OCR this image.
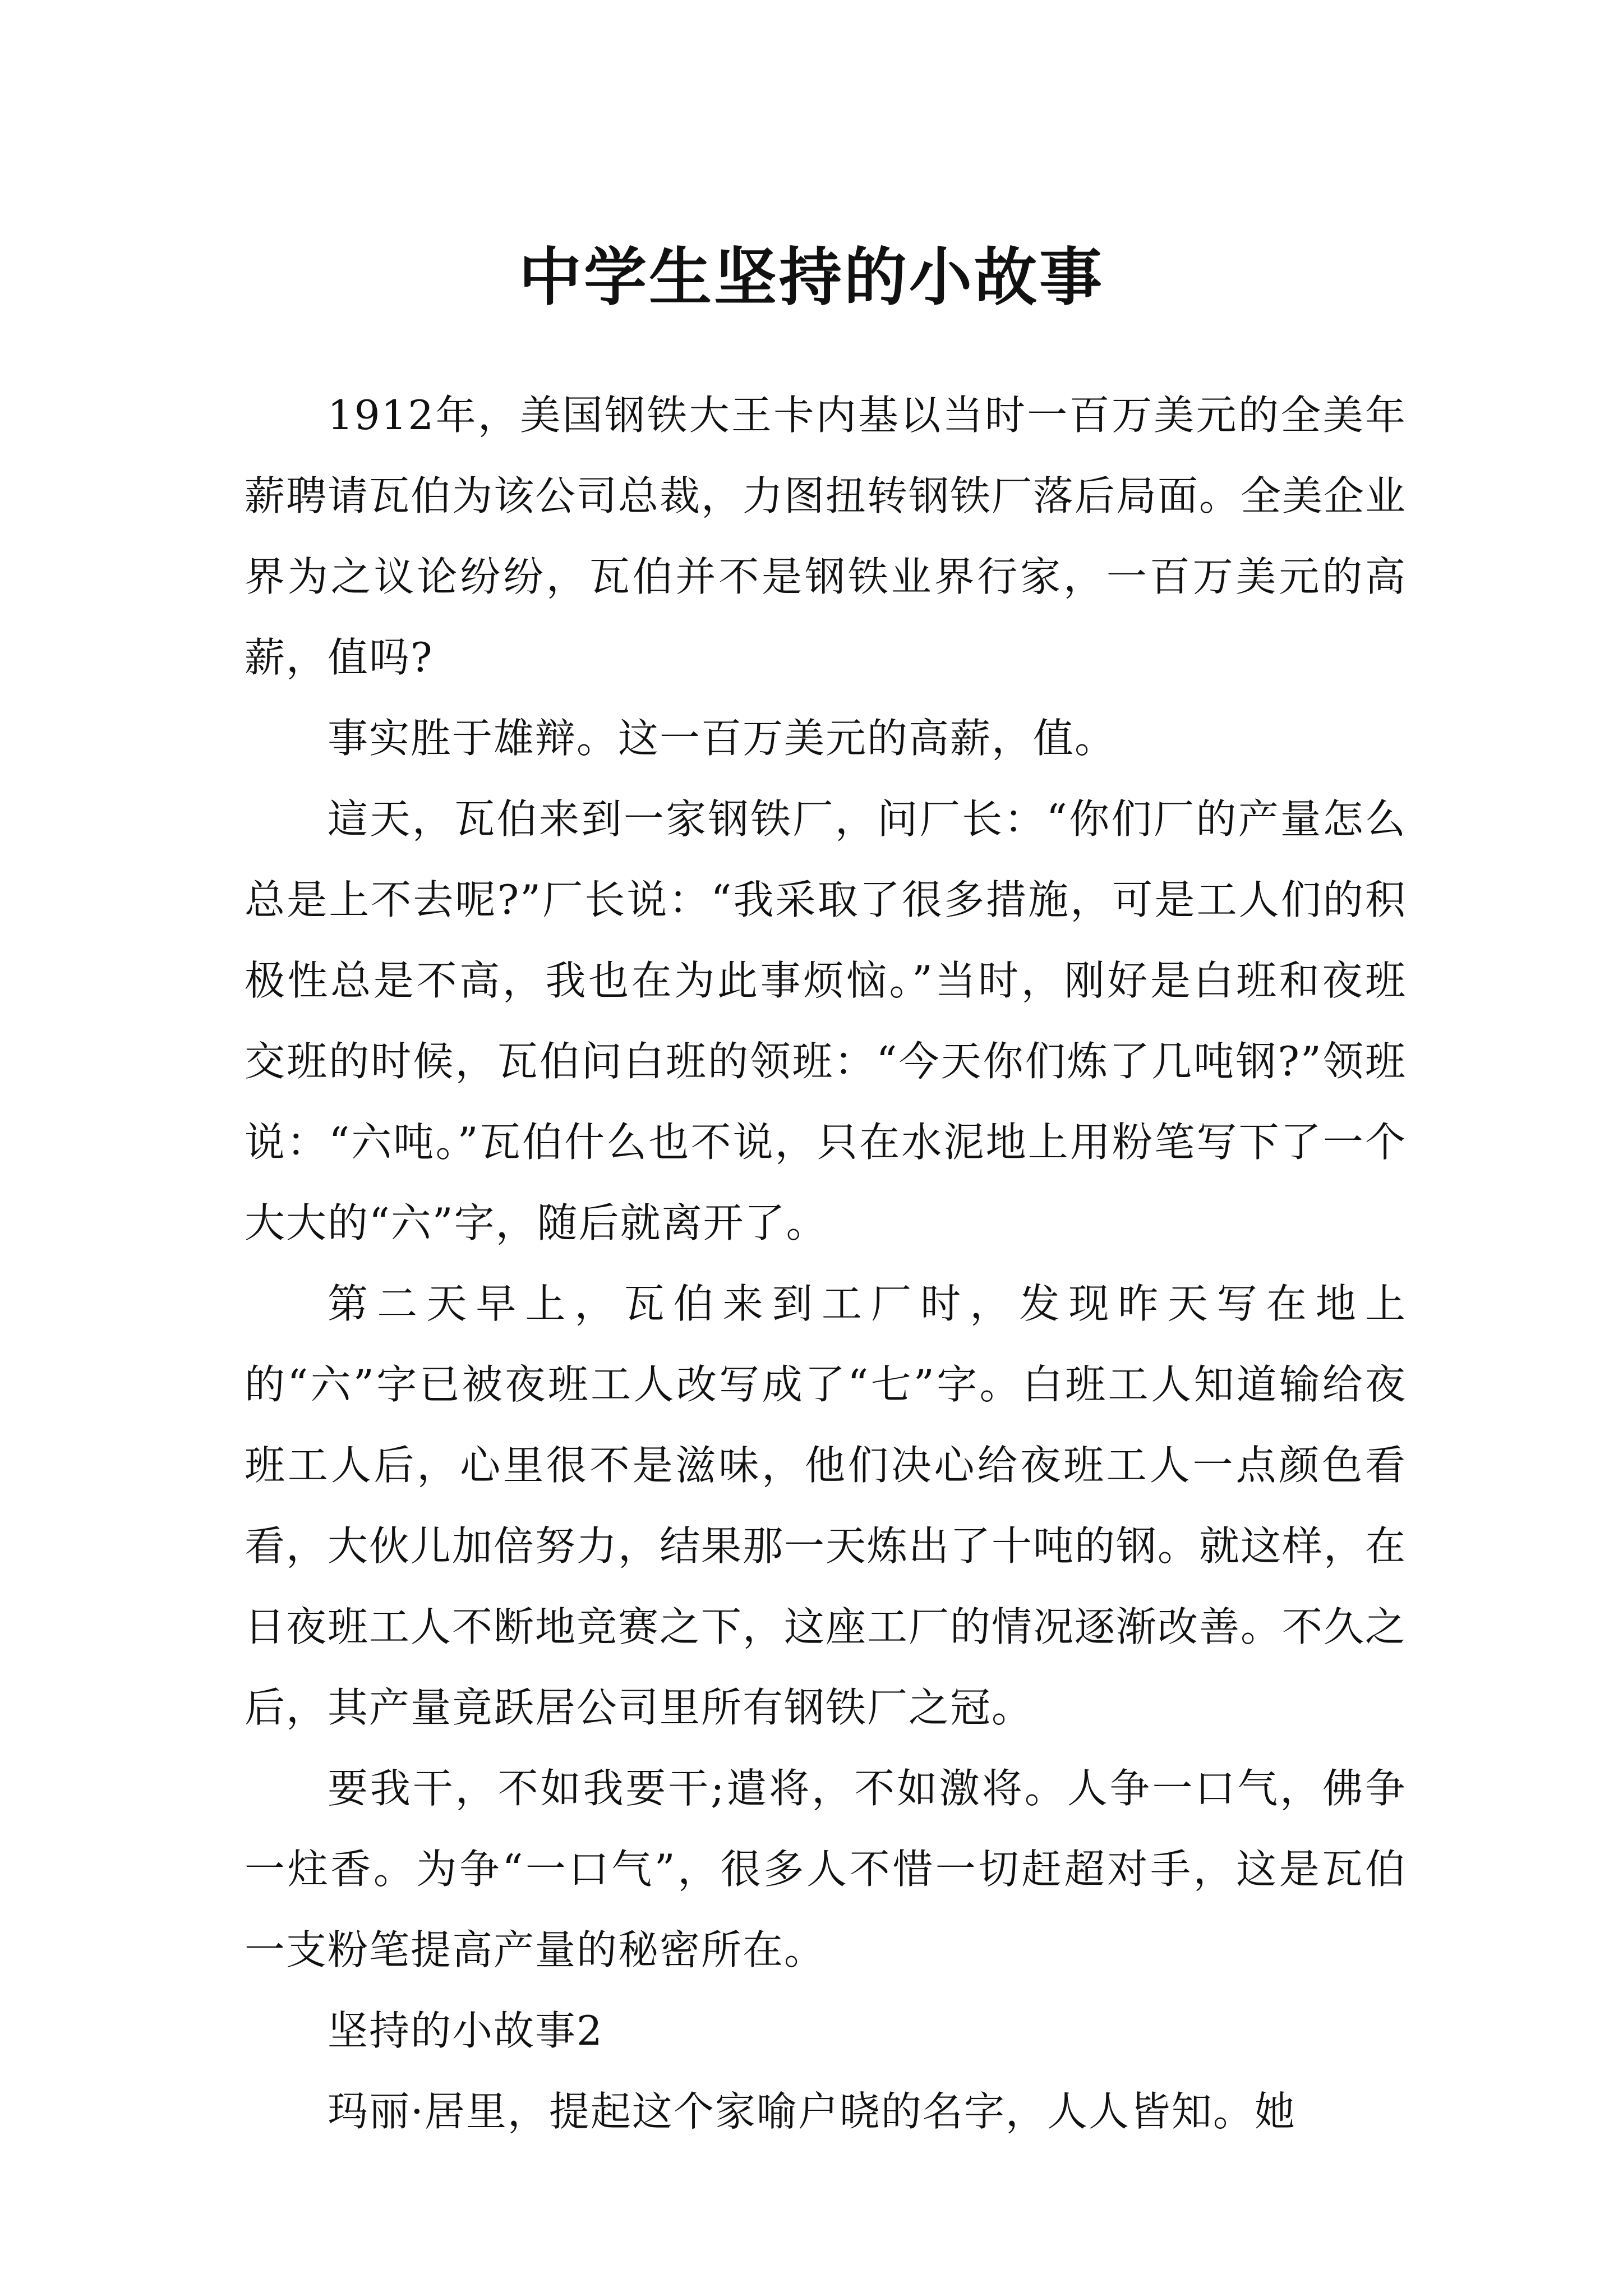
中学生坚持的小故事

1912年，美国钢铁大王卡内基以当时一百万美元的全美年薪聘请瓦伯为该公司总裁，力图扭转钢铁厂落后局面。全美企业界为之议论纷纷，瓦伯并不是钢铁业界行家，一百万美元的高薪，值吗?

事实胜于雄辩。这一百万美元的高薪，值。

這天，瓦伯来到一家钢铁厂，问厂长：“你们厂的产量怎么总是上不去呢?”厂长说：“我采取了很多措施，可是工人们的积极性总是不高，我也在为此事烦恼。”当时，刚好是白班和夜班交班的时候，瓦伯问白班的领班：“今天你们炼了几吨钢?”领班说：“六吨。”瓦伯什么也不说，只在水泥地上用粉笔写下了一个大大的“六”字，随后就离开了。

第二天早上，瓦伯来到工厂时，发现昨天写在地上的“六”字已被夜班工人改写成了“七”字。白班工人知道输给夜班工人后，心里很不是滋味，他们决心给夜班工人一点颜色看看，大伙儿加倍努力，结果那一天炼出了十吨的钢。就这样，在日夜班工人不断地竞赛之下，这座工厂的情况逐渐改善。不久之后，其产量竟跃居公司里所有钢铁厂之冠。

要我干，不如我要干;遣将，不如激将。人争一口气，佛争一炷香。为争“一口气”，很多人不惜一切赶超对手，这是瓦伯一支粉笔提高产量的秘密所在。

坚持的小故事2

玛丽·居里，提起这个家喻户晓的名字，人人皆知。她
